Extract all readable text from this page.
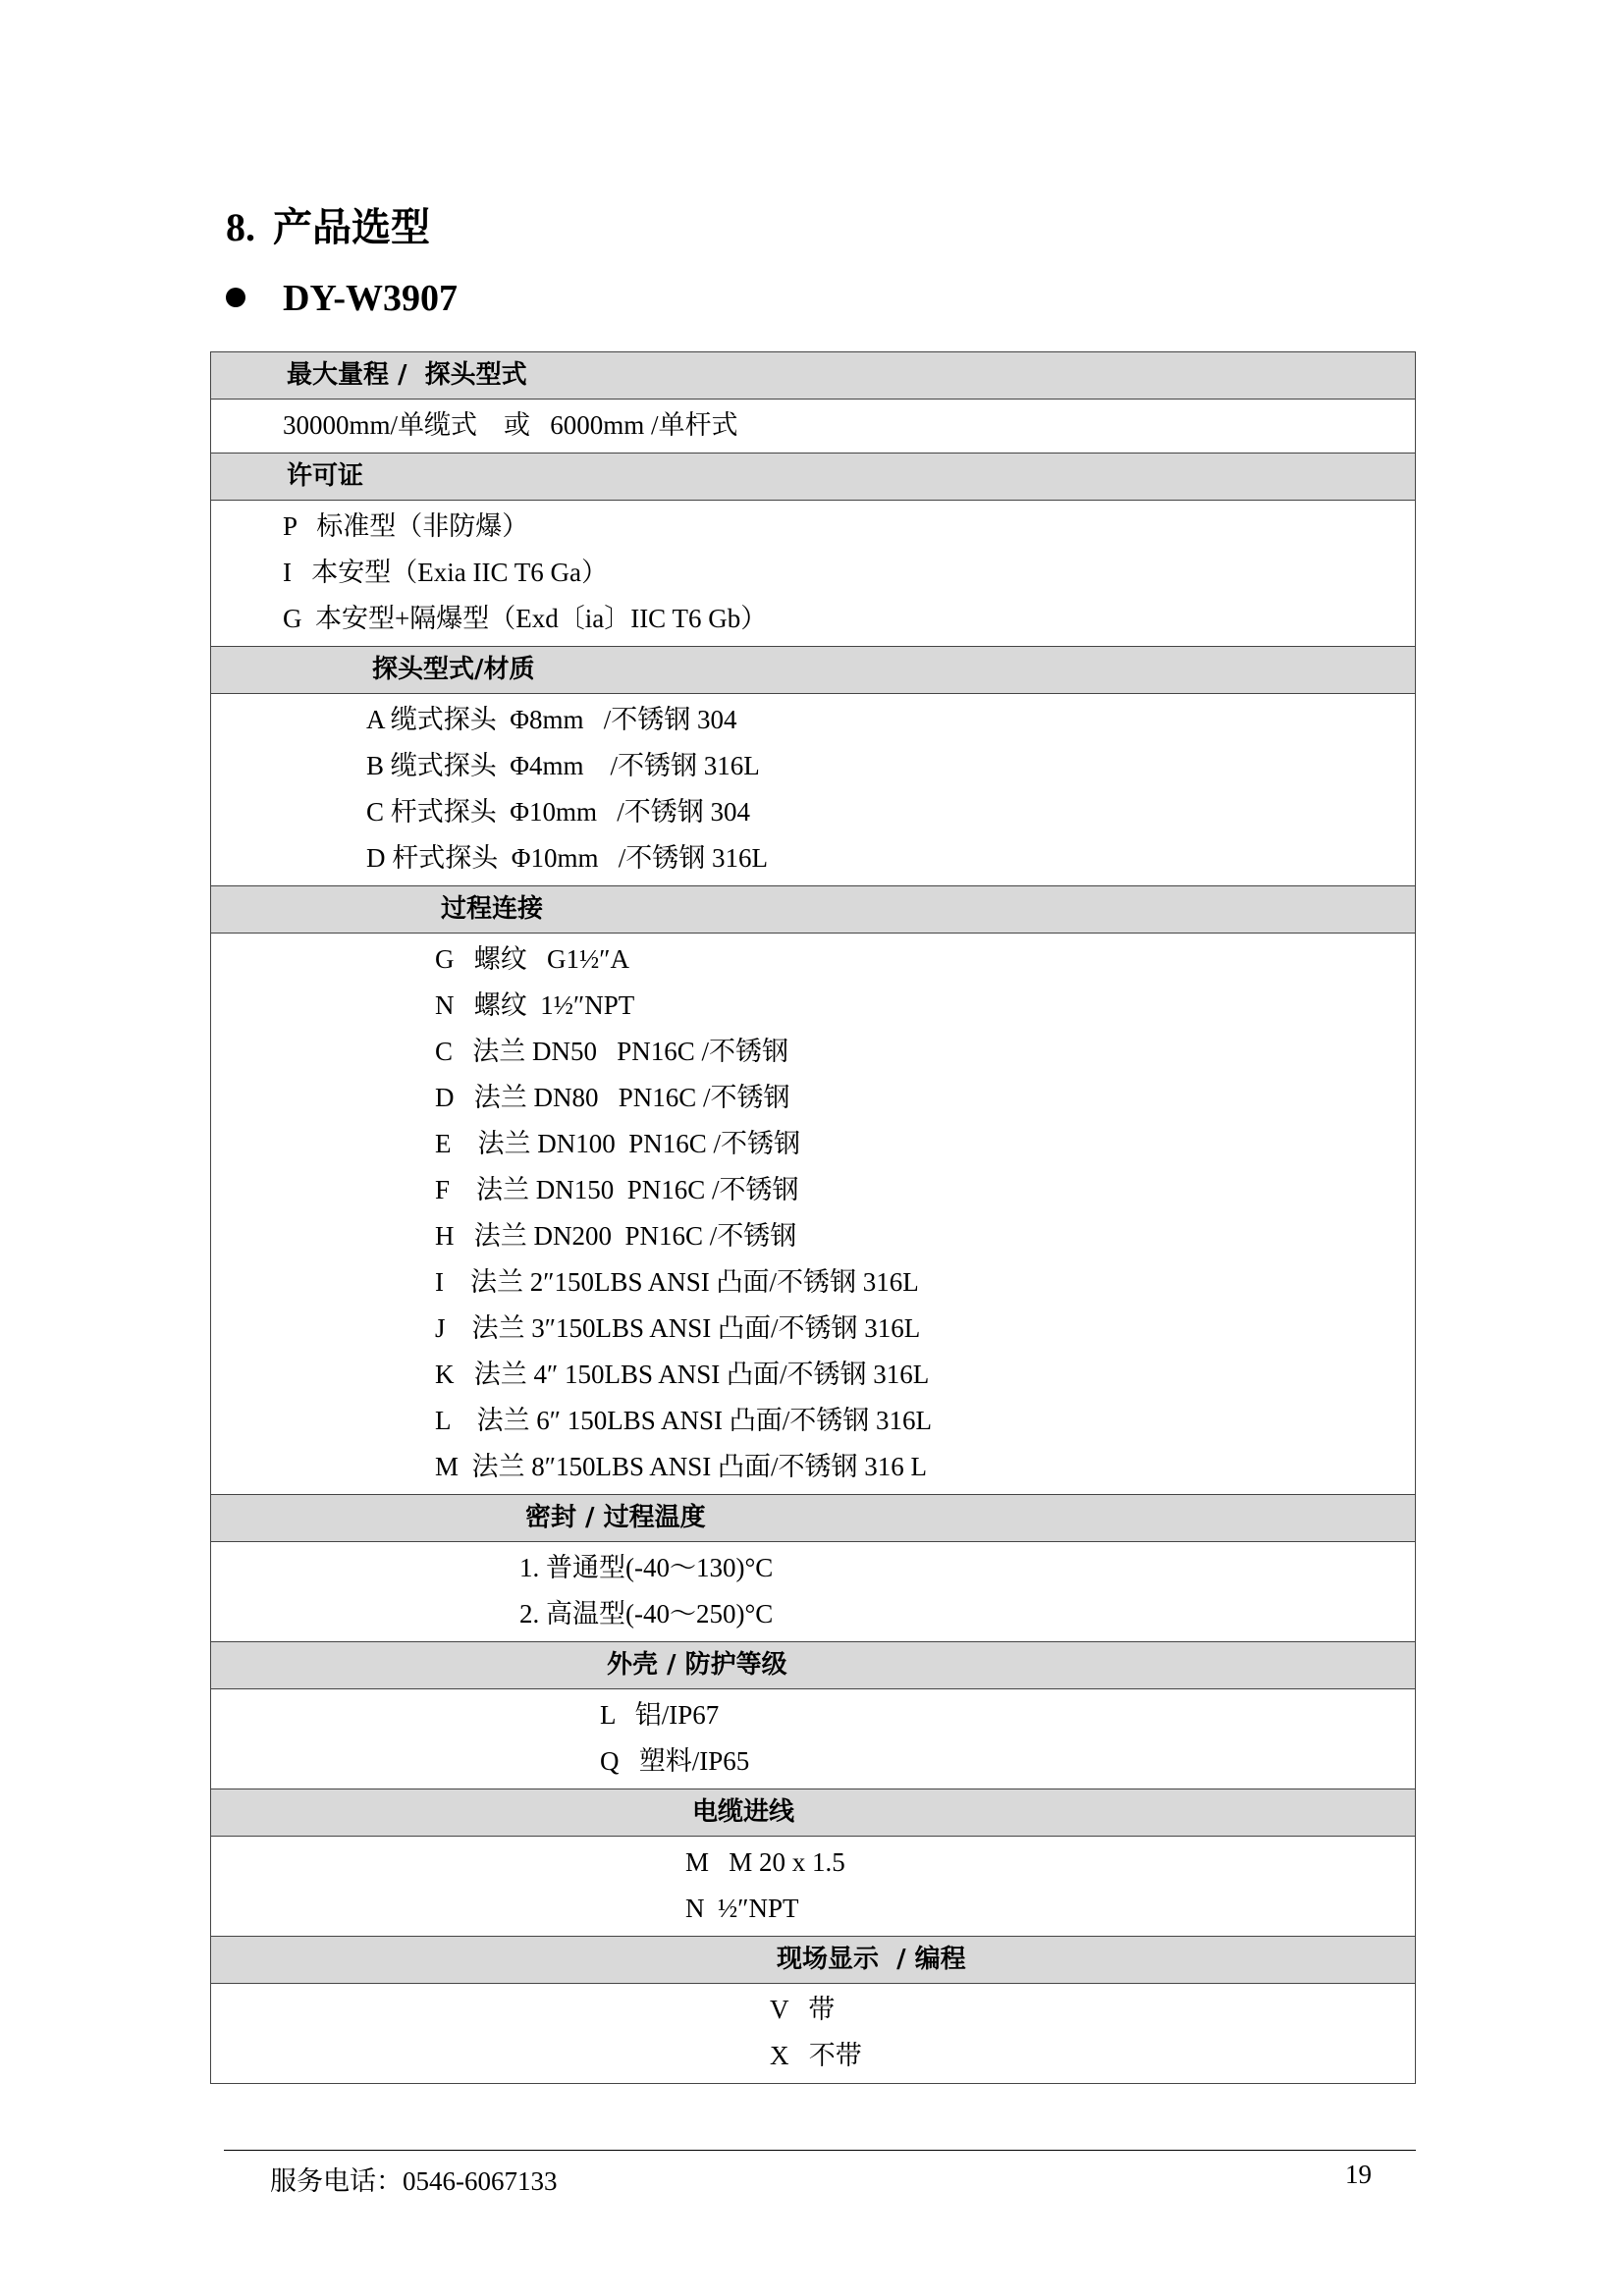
8. 产品选型
DY-W3907
最大量程 /  探头型式

30000mm/单缆式    或   6000mm /单杆式

许可证

P   标准型（非防爆）
I   本安型（Exia IIC T6 Ga）
G  本安型+隔爆型（Exd〔ia〕IIC T6 Gb）

探头型式/材质

A 缆式探头  Φ8mm   /不锈钢 304
B 缆式探头  Φ4mm    /不锈钢 316L
C 杆式探头  Φ10mm   /不锈钢 304
D 杆式探头  Φ10mm   /不锈钢 316L

过程连接

G   螺纹   G1½″A
N   螺纹  1½″NPT
C   法兰 DN50   PN16C /不锈钢
D   法兰 DN80   PN16C /不锈钢
E    法兰 DN100  PN16C /不锈钢
F    法兰 DN150  PN16C /不锈钢
H   法兰 DN200  PN16C /不锈钢
I    法兰 2″150LBS ANSI 凸面/不锈钢 316L
J    法兰 3″150LBS ANSI 凸面/不锈钢 316L
K   法兰 4″ 150LBS ANSI 凸面/不锈钢 316L
L    法兰 6″ 150LBS ANSI 凸面/不锈钢 316L
M  法兰 8″150LBS ANSI 凸面/不锈钢 316 L

密封 / 过程温度

1. 普通型(-40～130)°C
2. 高温型(-40～250)°C

外壳 / 防护等级

L   铝/IP67
Q   塑料/IP65

电缆进线

M   M 20 x 1.5
N  ½″NPT

现场显示  / 编程

V   带
X   不带
服务电话：0546-6067133	19
